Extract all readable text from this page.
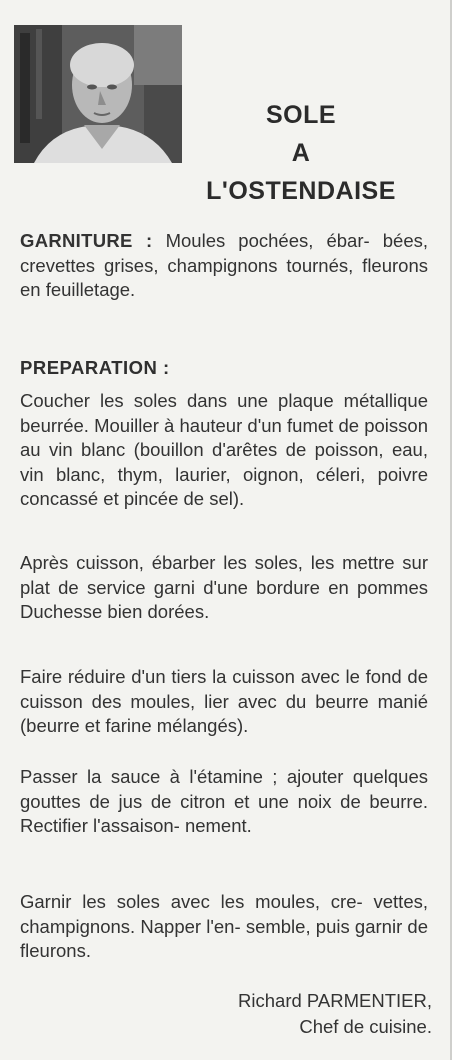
SOLE
A
L'OSTENDAISE
GARNITURE : Moules pochées, ébar- bées, crevettes grises, champignons tournés, fleurons en feuilletage.
PREPARATION :
Coucher les soles dans une plaque métallique beurrée. Mouiller à hauteur d'un fumet de poisson au vin blanc (bouillon d'arêtes de poisson, eau, vin blanc, thym, laurier, oignon, céleri, poivre concassé et pincée de sel).
Après cuisson, ébarber les soles, les mettre sur plat de service garni d'une bordure en pommes Duchesse bien dorées.
Faire réduire d'un tiers la cuisson avec le fond de cuisson des moules, lier avec du beurre manié (beurre et farine mélangés).
Passer la sauce à l'étamine ; ajouter quelques gouttes de jus de citron et une noix de beurre. Rectifier l'assaison- nement.
Garnir les soles avec les moules, cre- vettes, champignons. Napper l'en- semble, puis garnir de fleurons.
Richard PARMENTIER,
Chef de cuisine.
